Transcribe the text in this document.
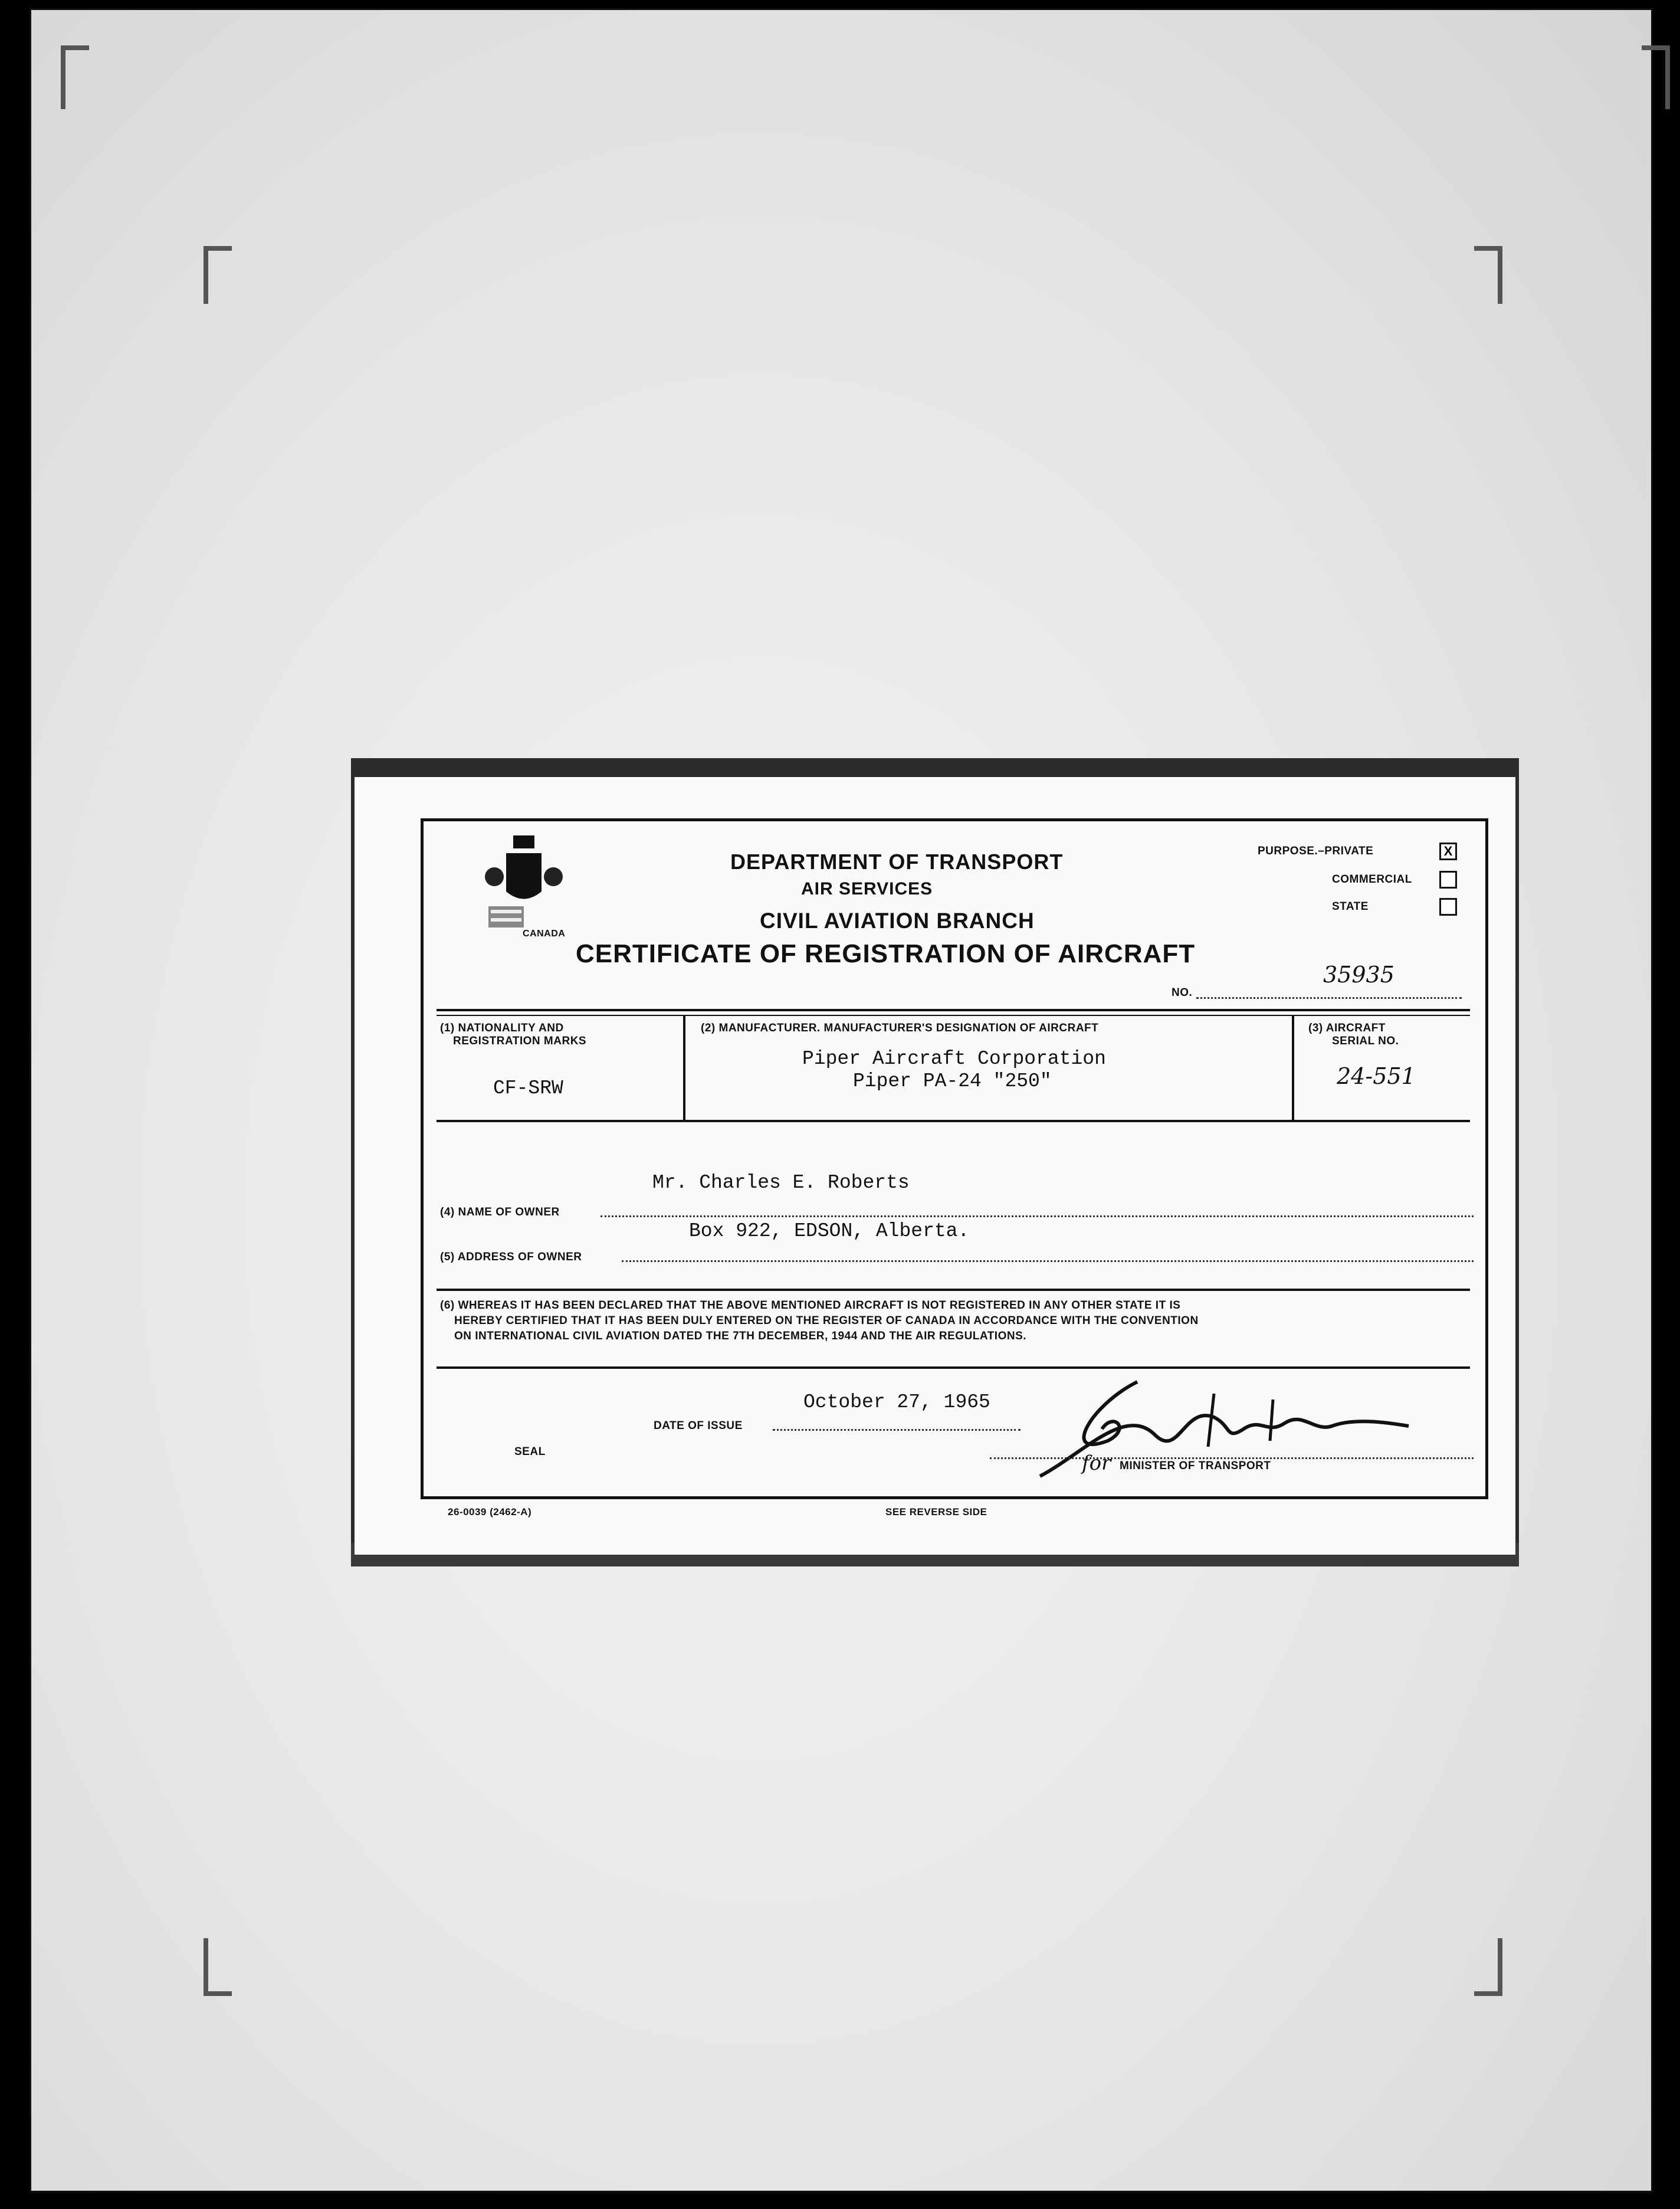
CANADA
DEPARTMENT OF TRANSPORT
AIR SERVICES
CIVIL AVIATION BRANCH
CERTIFICATE OF REGISTRATION OF AIRCRAFT
PURPOSE.–PRIVATE	X
COMMERCIAL
STATE
NO.
35935
(1) NATIONALITY AND
REGISTRATION MARKS
CF-SRW
(2) MANUFACTURER. MANUFACTURER'S DESIGNATION OF AIRCRAFT
Piper Aircraft Corporation
Piper PA-24 "250"
(3) AIRCRAFT
SERIAL NO.
24-551
Mr. Charles E. Roberts
(4) NAME OF OWNER
Box 922, EDSON, Alberta.
(5) ADDRESS OF OWNER
(6) WHEREAS IT HAS BEEN DECLARED THAT THE ABOVE MENTIONED AIRCRAFT IS NOT REGISTERED IN ANY OTHER STATE IT IS
HEREBY CERTIFIED THAT IT HAS BEEN DULY ENTERED ON THE REGISTER OF CANADA IN ACCORDANCE WITH THE CONVENTION
ON INTERNATIONAL CIVIL AVIATION DATED THE 7TH DECEMBER, 1944 AND THE AIR REGULATIONS.
October 27, 1965
DATE OF ISSUE
SEAL	for MINISTER OF TRANSPORT
26-0039 (2462-A)	SEE REVERSE SIDE
